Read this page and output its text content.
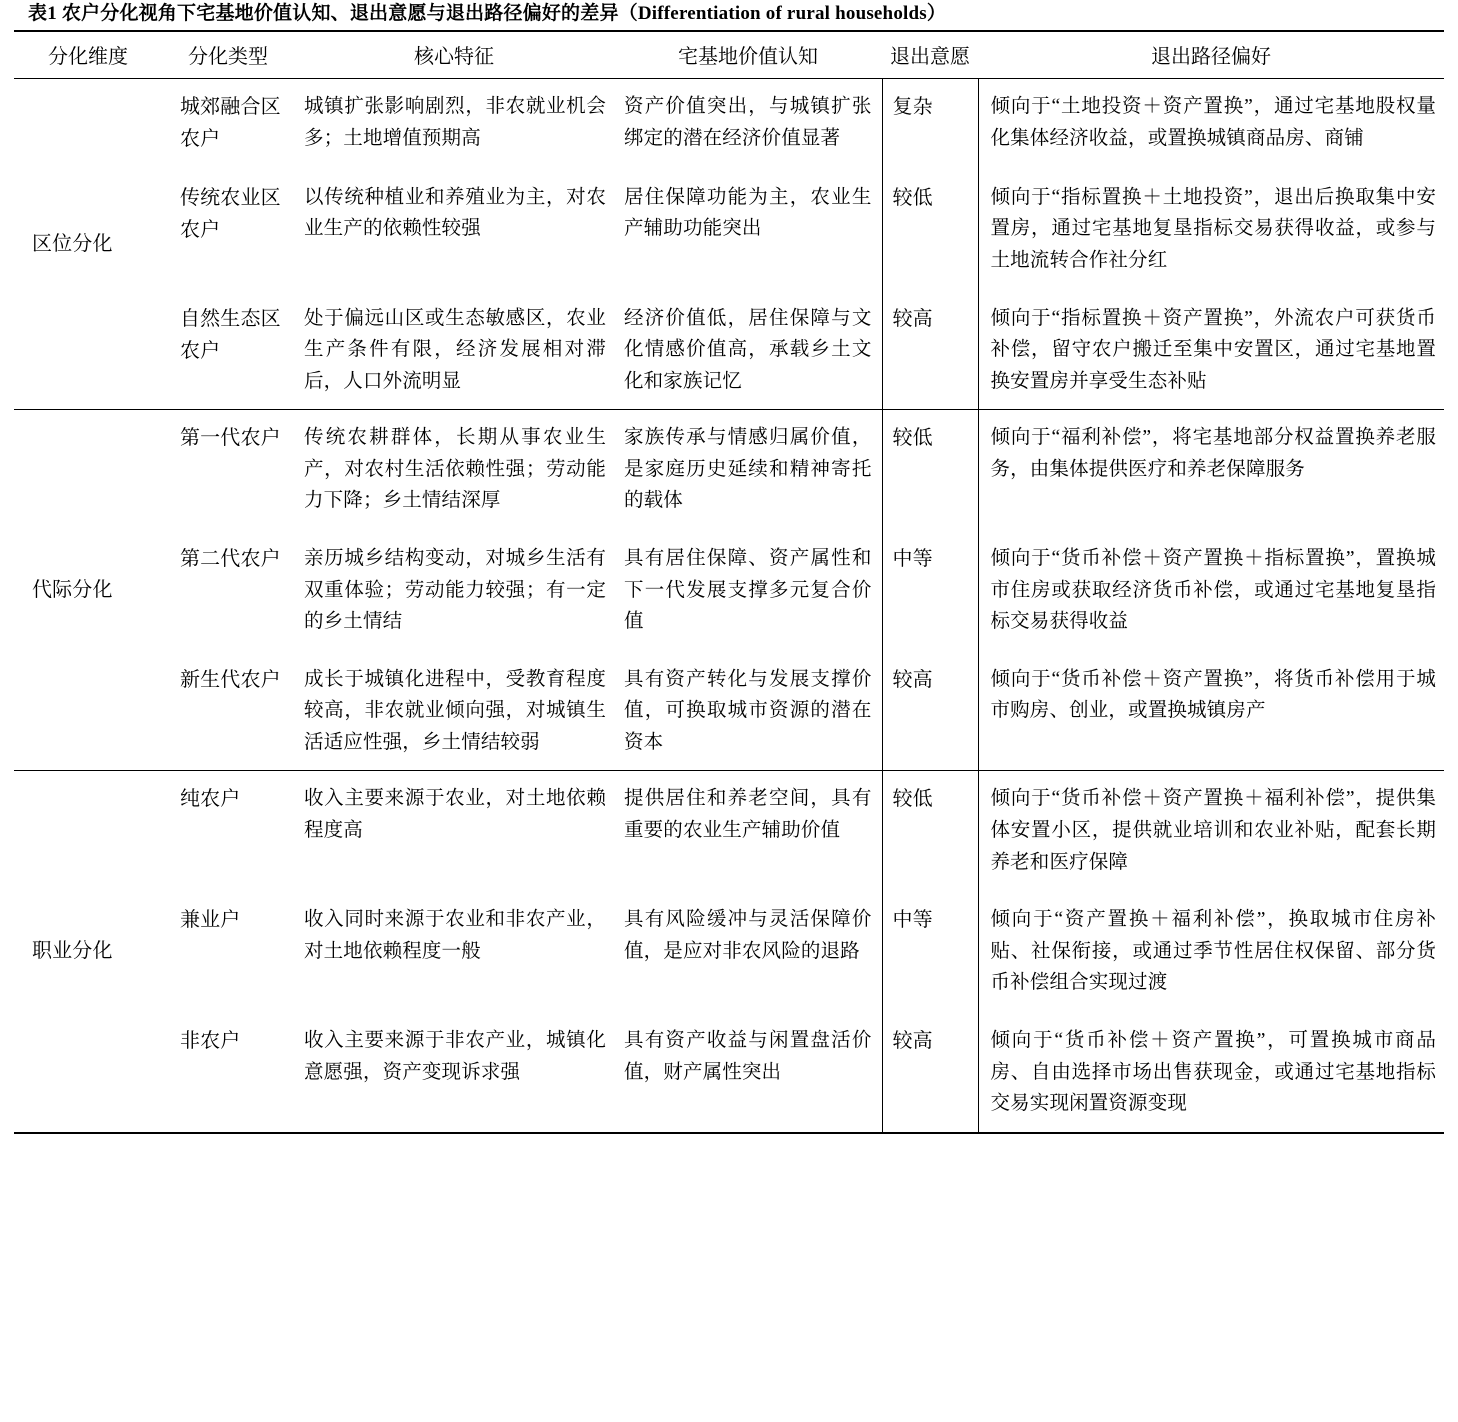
表1 农户分化视角下宅基地价值认知、退出意愿与退出路径偏好的差异（Differentiation of rural households）
分化维度	分化类型	核心特征	宅基地价值认知	退出意愿	退出路径偏好
区位分化	城郊融合区农户	城镇扩张影响剧烈，非农就业机会多；土地增值预期高	资产价值突出，与城镇扩张绑定的潜在经济价值显著	复杂	倾向于“土地投资＋资产置换”，通过宅基地股权量化集体经济收益，或置换城镇商品房、商铺
	传统农业区农户	以传统种植业和养殖业为主，对农业生产的依赖性较强	居住保障功能为主，农业生产辅助功能突出	较低	倾向于“指标置换＋土地投资”，退出后换取集中安置房，通过宅基地复垦指标交易获得收益，或参与土地流转合作社分红
	自然生态区农户	处于偏远山区或生态敏感区，农业生产条件有限，经济发展相对滞后，人口外流明显	经济价值低，居住保障与文化情感价值高，承载乡土文化和家族记忆	较高	倾向于“指标置换＋资产置换”，外流农户可获货币补偿，留守农户搬迁至集中安置区，通过宅基地置换安置房并享受生态补贴
代际分化	第一代农户	传统农耕群体，长期从事农业生产，对农村生活依赖性强；劳动能力下降；乡土情结深厚	家族传承与情感归属价值，是家庭历史延续和精神寄托的载体	较低	倾向于“福利补偿”，将宅基地部分权益置换养老服务，由集体提供医疗和养老保障服务
	第二代农户	亲历城乡结构变动，对城乡生活有双重体验；劳动能力较强；有一定的乡土情结	具有居住保障、资产属性和下一代发展支撑多元复合价值	中等	倾向于“货币补偿＋资产置换＋指标置换”，置换城市住房或获取经济货币补偿，或通过宅基地复垦指标交易获得收益
	新生代农户	成长于城镇化进程中，受教育程度较高，非农就业倾向强，对城镇生活适应性强，乡土情结较弱	具有资产转化与发展支撑价值，可换取城市资源的潜在资本	较高	倾向于“货币补偿＋资产置换”，将货币补偿用于城市购房、创业，或置换城镇房产
职业分化	纯农户	收入主要来源于农业，对土地依赖程度高	提供居住和养老空间，具有重要的农业生产辅助价值	较低	倾向于“货币补偿＋资产置换＋福利补偿”，提供集体安置小区，提供就业培训和农业补贴，配套长期养老和医疗保障
	兼业户	收入同时来源于农业和非农产业，对土地依赖程度一般	具有风险缓冲与灵活保障价值，是应对非农风险的退路	中等	倾向于“资产置换＋福利补偿”，换取城市住房补贴、社保衔接，或通过季节性居住权保留、部分货币补偿组合实现过渡
	非农户	收入主要来源于非农产业，城镇化意愿强，资产变现诉求强	具有资产收益与闲置盘活价值，财产属性突出	较高	倾向于“货币补偿＋资产置换”，可置换城市商品房、自由选择市场出售获现金，或通过宅基地指标交易实现闲置资源变现
